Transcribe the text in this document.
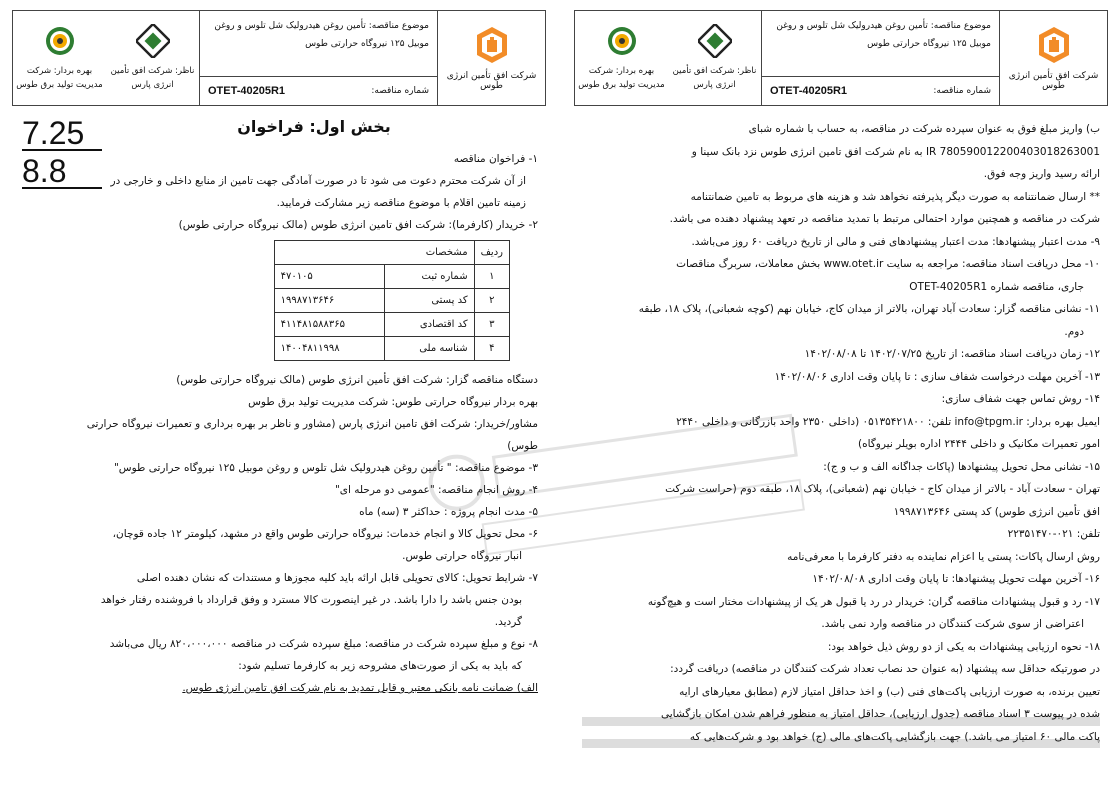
شرکت افق تأمین انرژی طوس
موضوع مناقصه: تأمین روغن هیدرولیک شل تلوس و روغن
موبیل ۱۲۵ نیروگاه حرارتی طوس
شماره مناقصه:
OTET-40205R1
ناظر: شرکت افق تأمین انرژی پارس
بهره بردار: شرکت مدیریت تولید برق طوس
7.25
8.8
بخش اول: فراخوان

۱- فراخوان مناقصه

از آن شرکت محترم دعوت می شود تا در صورت آمادگی جهت تامین از منابع داخلی و خارجی در

زمینه تامین اقلام با موضوع مناقصه زیر مشارکت فرمایید.

۲- خریدار (کارفرما): شرکت افق تامین انرژی طوس (مالک نیروگاه حرارتی طوس)

ردیف	مشخصات	
۱	شماره ثبت	۴۷۰۱۰۵
۲	کد پستی	۱۹۹۸۷۱۳۶۴۶
۳	کد اقتصادی	۴۱۱۴۸۱۵۸۸۳۶۵
۴	شناسه ملی	۱۴۰۰۴۸۱۱۹۹۸

دستگاه مناقصه گزار: شرکت افق تأمین انرژی طوس (مالک نیروگاه حرارتی طوس)

بهره بردار نیروگاه حرارتی طوس: شرکت مدیریت تولید برق طوس

مشاور/خریدار: شرکت افق تامین انرژی پارس (مشاور و ناظر بر بهره برداری و تعمیرات نیروگاه حرارتی

طوس)

۳- موضوع مناقصه: " تأمین روغن هیدرولیک شل تلوس و روغن موبیل ۱۲۵ نیروگاه حرارتی طوس"

۴- روش انجام مناقصه: "عمومی دو مرحله ای"

۵- مدت انجام پروژه : حداکثر ۳ (سه) ماه

۶- محل تحویل کالا و انجام خدمات: نیروگاه حرارتی طوس واقع در مشهد، کیلومتر ۱۲ جاده قوچان،

انبار نیروگاه حرارتی طوس.

۷- شرایط تحویل: کالای تحویلی قابل ارائه باید کلیه مجوزها و مستندات که نشان دهنده اصلی

بودن جنس باشد را دارا باشد. در غیر اینصورت کالا مسترد و وفق قرارداد با فروشنده رفتار خواهد

گردید.

۸- نوع و مبلغ سپرده شرکت در مناقصه: مبلغ سپرده شرکت در مناقصه ۸۲۰،۰۰۰،۰۰۰ ریال می‌باشد

که باید به یکی از صورت‌های مشروحه زیر به کارفرما تسلیم شود:

الف) ضمانت نامه بانکی معتبر و قابل تمدید به نام شرکت افق تامین انرژی طوس.

شرکت افق تأمین انرژی طوس
موضوع مناقصه: تأمین روغن هیدرولیک شل تلوس و روغن
موبیل ۱۲۵ نیروگاه حرارتی طوس
شماره مناقصه:
OTET-40205R1
ناظر: شرکت افق تأمین انرژی پارس
بهره بردار: شرکت مدیریت تولید برق طوس

ب) واریز مبلغ فوق به عنوان سپرده شرکت در مناقصه، به حساب با شماره شبای

IR 780590012200403018263001 به نام شرکت افق تامین انرژی طوس نزد بانک سینا و

ارائه رسید واریز وجه فوق.

** ارسال ضمانتنامه به صورت دیگر پذیرفته نخواهد شد و هزینه های مربوط به تامین ضمانتنامه

شرکت در مناقصه و همچنین موارد احتمالی مرتبط با تمدید مناقصه در تعهد پیشنهاد دهنده می باشد.

۹- مدت اعتبار پیشنهادها: مدت اعتبار پیشنهادهای فنی و مالی از تاریخ دریافت ۶۰ روز می‌باشد.

۱۰- محل دریافت اسناد مناقصه: مراجعه به سایت www.otet.ir بخش معاملات، سربرگ مناقصات

جاری، مناقصه شماره OTET-40205R1

۱۱- نشانی مناقصه گزار: سعادت آباد تهران، بالاتر از میدان کاج، خیابان نهم (کوچه شعبانی)، پلاک ۱۸، طبقه

دوم.

۱۲- زمان دریافت اسناد مناقصه: از تاریخ ۱۴۰۲/۰۷/۲۵ تا ۱۴۰۲/۰۸/۰۸

۱۳- آخرین مهلت درخواست شفاف سازی : تا پایان وقت اداری ۱۴۰۲/۰۸/۰۶

۱۴- روش تماس جهت شفاف سازی:

ایمیل بهره بردار: info@tpgm.ir تلفن: ۰۵۱۳۵۴۲۱۸۰۰ (داخلی ۲۳۵۰ واحد بازرگانی و داخلی ۲۴۴۰

امور تعمیرات مکانیک و داخلی ۲۴۴۴ اداره بویلر نیروگاه)

۱۵- نشانی محل تحویل پیشنهادها (پاکات جداگانه الف و ب و ج):

تهران - سعادت آباد - بالاتر از میدان کاج - خیابان نهم (شعبانی)، پلاک ۱۸، طبقه دوم (حراست شرکت

افق تأمین انرژی طوس) کد پستی ۱۹۹۸۷۱۳۶۴۶

تلفن: ۰۲۱-۲۲۳۵۱۴۷۰

روش ارسال پاکات: پستی یا اعزام نماینده به دفتر کارفرما با معرفی‌نامه

۱۶- آخرین مهلت تحویل پیشنهادها: تا پایان وقت اداری ۱۴۰۲/۰۸/۰۸

۱۷- رد و قبول پیشنهادات مناقصه گران: خریدار در رد یا قبول هر یک از پیشنهادات مختار است و هیچ‌گونه

اعتراضی از سوی شرکت کنندگان در مناقصه وارد نمی باشد.

۱۸- نحوه ارزیابی پیشنهادات به یکی از دو روش ذیل خواهد بود:

در صورتیکه حداقل سه پیشنهاد (به عنوان حد نصاب تعداد شرکت کنندگان در مناقصه) دریافت گردد:

تعیین برنده، به صورت ارزیابی پاکت‌های فنی (ب) و اخذ حداقل امتیاز لازم (مطابق معیارهای ارایه

شده در پیوست ۳ اسناد مناقصه (جدول ارزیابی)، حداقل امتیاز به منظور فراهم شدن امکان بازگشایی

پاکت مالی ۶۰ امتیاز می باشد.) جهت بازگشایی پاکت‌های مالی (ج) خواهد بود و شرکت‌هایی که
